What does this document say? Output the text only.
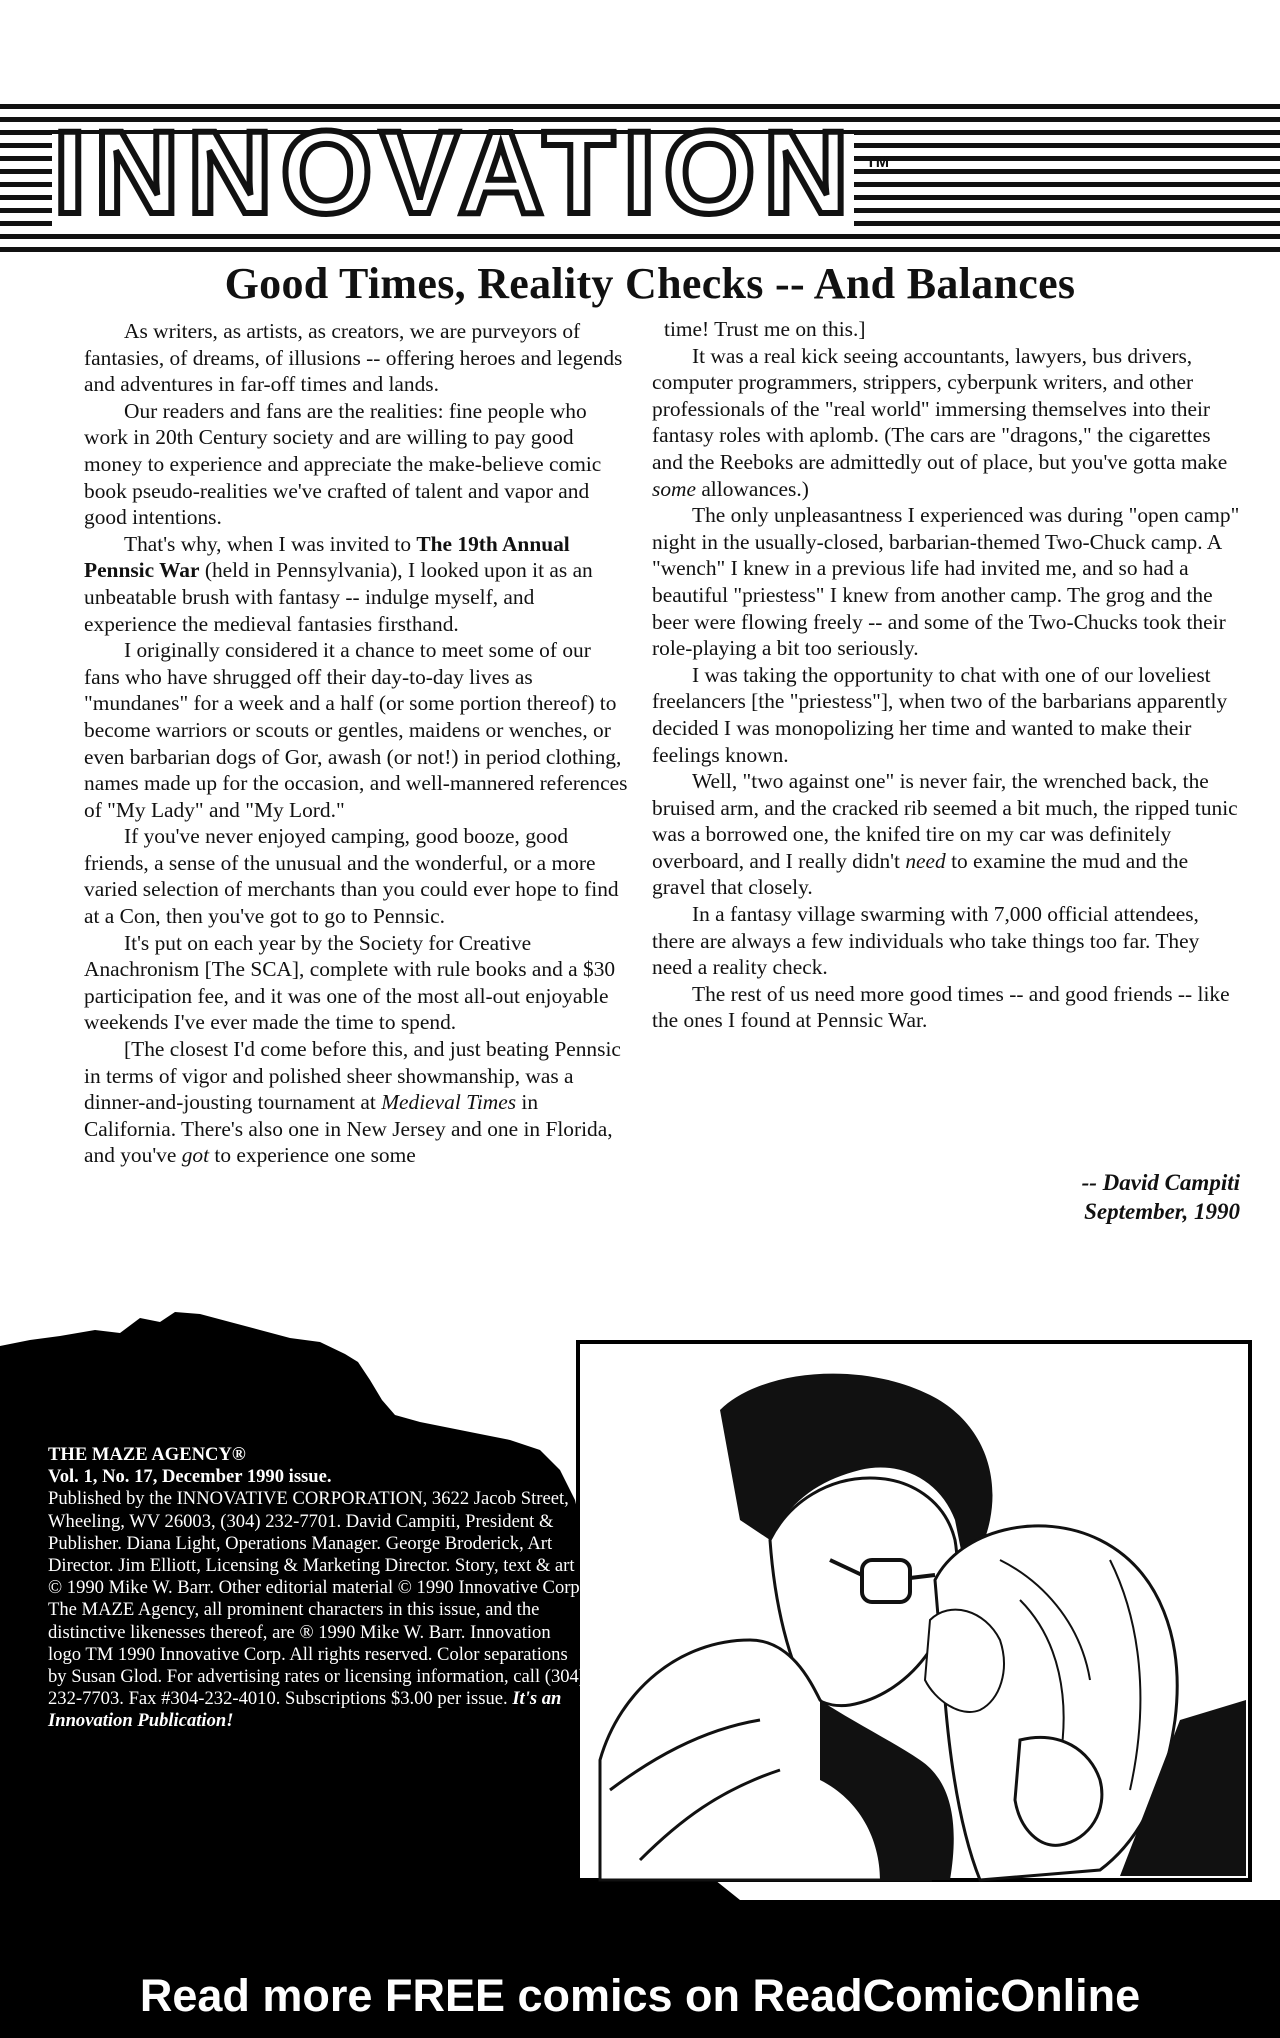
INNOVATION TM
Good Times, Reality Checks -- And Balances

As writers, as artists, as creators, we are purveyors of fantasies, of dreams, of illusions -- offering heroes and legends and adventures in far-off times and lands.

Our readers and fans are the realities: fine people who work in 20th Century society and are willing to pay good money to experience and appreciate the make-believe comic book pseudo-realities we've crafted of talent and vapor and good intentions.

That's why, when I was invited to The 19th Annual Pennsic War (held in Pennsylvania), I looked upon it as an unbeatable brush with fantasy -- indulge myself, and experience the medieval fantasies firsthand.

I originally considered it a chance to meet some of our fans who have shrugged off their day-to-day lives as "mundanes" for a week and a half (or some portion thereof) to become warriors or scouts or gentles, maidens or wenches, or even barbarian dogs of Gor, awash (or not!) in period clothing, names made up for the occasion, and well-mannered references of "My Lady" and "My Lord."

If you've never enjoyed camping, good booze, good friends, a sense of the unusual and the wonderful, or a more varied selection of merchants than you could ever hope to find at a Con, then you've got to go to Pennsic.

It's put on each year by the Society for Creative Anachronism [The SCA], complete with rule books and a $30 participation fee, and it was one of the most all-out enjoyable weekends I've ever made the time to spend.

[The closest I'd come before this, and just beating Pennsic in terms of vigor and polished sheer showmanship, was a dinner-and-jousting tournament at Medieval Times in California. There's also one in New Jersey and one in Florida, and you've got to experience one some

time! Trust me on this.]

It was a real kick seeing accountants, lawyers, bus drivers, computer programmers, strippers, cyberpunk writers, and other professionals of the "real world" immersing themselves into their fantasy roles with aplomb. (The cars are "dragons," the cigarettes and the Reeboks are admittedly out of place, but you've gotta make some allowances.)

The only unpleasantness I experienced was during "open camp" night in the usually-closed, barbarian-themed Two-Chuck camp. A "wench" I knew in a previous life had invited me, and so had a beautiful "priestess" I knew from another camp. The grog and the beer were flowing freely -- and some of the Two-Chucks took their role-playing a bit too seriously.

I was taking the opportunity to chat with one of our loveliest freelancers [the "priestess"], when two of the barbarians apparently decided I was monopolizing her time and wanted to make their feelings known.

Well, "two against one" is never fair, the wrenched back, the bruised arm, and the cracked rib seemed a bit much, the ripped tunic was a borrowed one, the knifed tire on my car was definitely overboard, and I really didn't need to examine the mud and the gravel that closely.

In a fantasy village swarming with 7,000 official attendees, there are always a few individuals who take things too far. They need a reality check.

The rest of us need more good times -- and good friends -- like the ones I found at Pennsic War.

-- David Campiti
September, 1990
THE MAZE AGENCY®
Vol. 1, No. 17, December 1990 issue.
Published by the INNOVATIVE CORPORATION, 3622 Jacob Street, Wheeling, WV 26003, (304) 232-7701. David Campiti, President & Publisher. Diana Light, Operations Manager. George Broderick, Art Director. Jim Elliott, Licensing & Marketing Director. Story, text & art © 1990 Mike W. Barr. Other editorial material © 1990 Innovative Corp. The MAZE Agency, all prominent characters in this issue, and the distinctive likenesses thereof, are ® 1990 Mike W. Barr. Innovation logo TM 1990 Innovative Corp. All rights reserved. Color separations by Susan Glod. For advertising rates or licensing information, call (304) 232-7703. Fax #304-232-4010. Subscriptions $3.00 per issue. It's an Innovation Publication!
Read more FREE comics on ReadComicOnline
